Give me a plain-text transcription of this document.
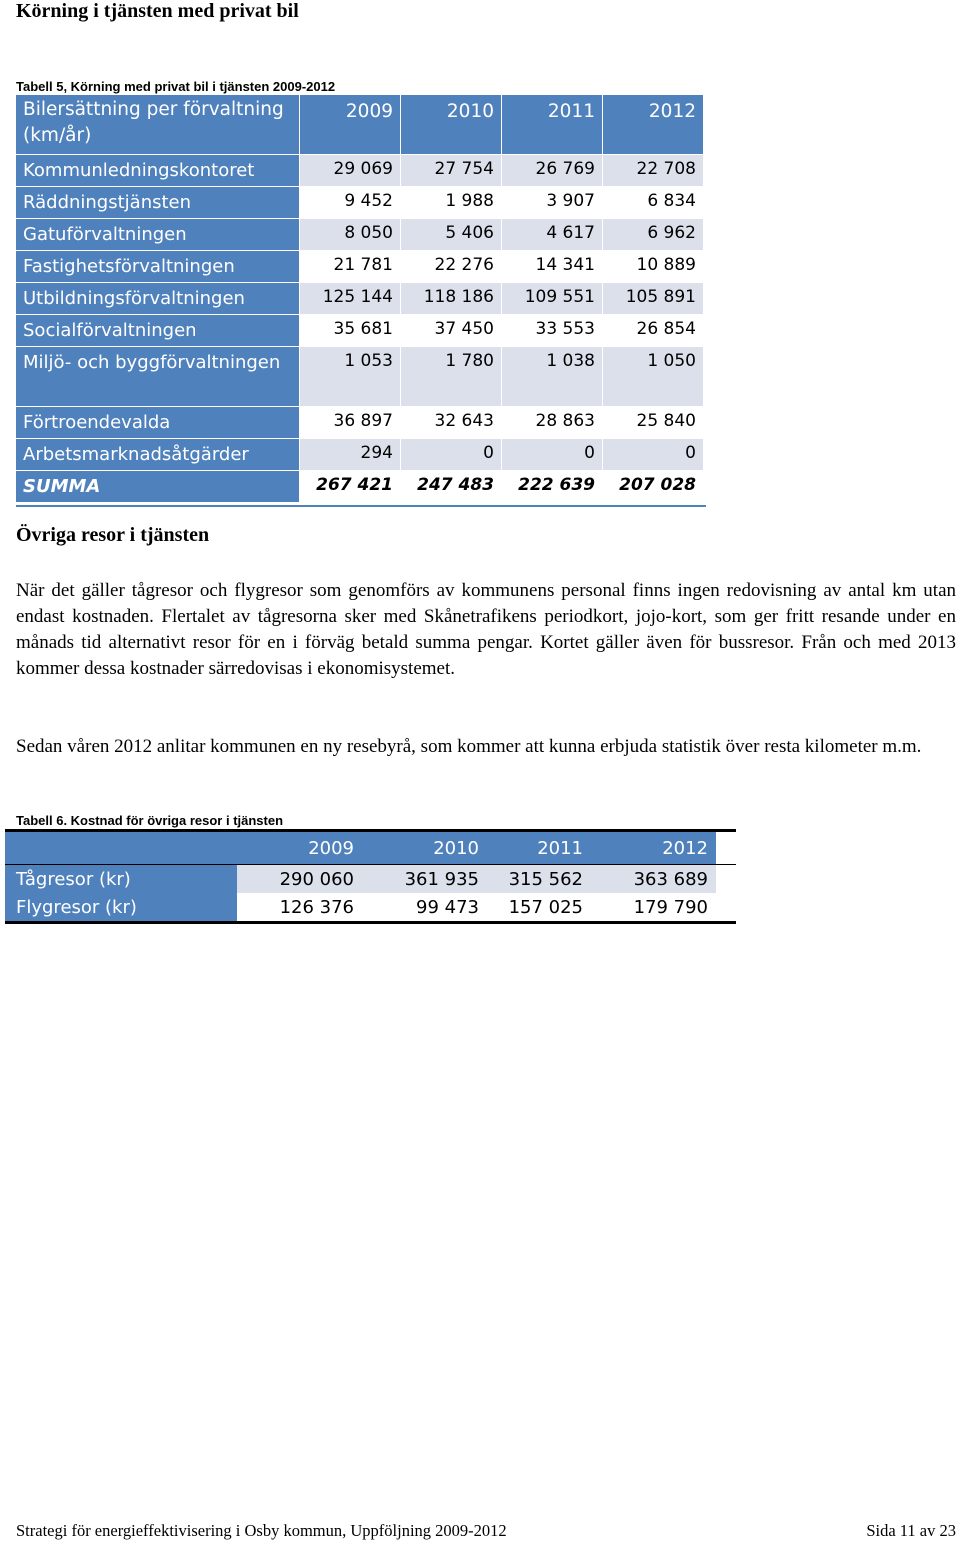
Körning i tjänsten med privat bil
Tabell 5, Körning med privat bil i tjänsten 2009-2012
Bilersättning per förvaltning (km/år)
2009	2010	2011	2012
Kommunledningskontoret	29 069	27 754	26 769	22 708
Räddningstjänsten	9 452	1 988	3 907	6 834
Gatuförvaltningen	8 050	5 406	4 617	6 962
Fastighetsförvaltningen	21 781	22 276	14 341	10 889
Utbildningsförvaltningen	125 144	118 186	109 551	105 891
Socialförvaltningen	35 681	37 450	33 553	26 854
Miljö- och byggförvaltningen	1 053	1 780	1 038	1 050
Förtroendevalda	36 897	32 643	28 863	25 840
Arbetsmarknadsåtgärder	294	0	0	0
SUMMA	267 421	247 483	222 639	207 028
Övriga resor i tjänsten
När det gäller tågresor och flygresor som genomförs av kommunens personal finns ingen redovisning av antal km utan endast kostnaden. Flertalet av tågresorna sker med Skånetrafikens periodkort, jojo-kort, som ger fritt resande under en månads tid alternativt resor för en i förväg betald summa pengar. Kortet gäller även för bussresor. Från och med 2013 kommer dessa kostnader särredovisas i ekonomisystemet.
Sedan våren 2012 anlitar kommunen en ny resebyrå, som kommer att kunna erbjuda statistik över resta kilometer m.m.
Tabell 6. Kostnad för övriga resor i tjänsten
2009	2010	2011	2012
Tågresor (kr)	290 060	361 935	315 562	363 689
Flygresor (kr)	126 376	99 473	157 025	179 790
Strategi för energieffektivisering i Osby kommun, Uppföljning 2009-2012	Sida 11 av 23
